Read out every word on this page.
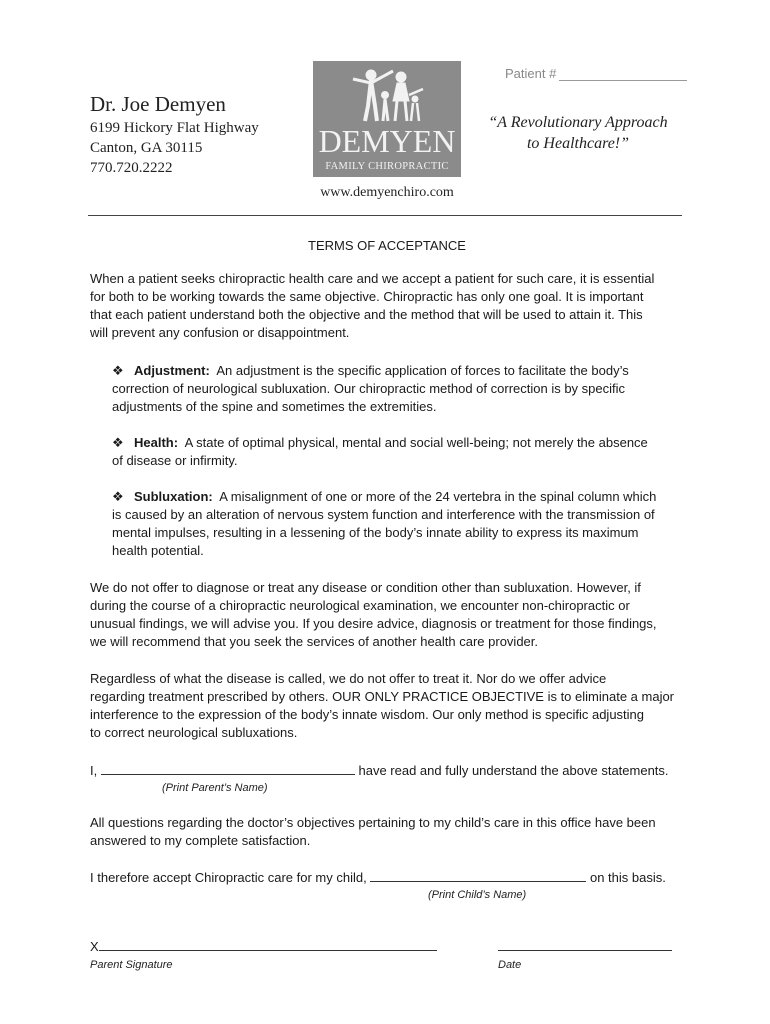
Patient #
DEMYEN
FAMILY CHIROPRACTIC
Dr. Joe Demyen
6199 Hickory Flat Highway
Canton, GA 30115
770.720.2222
“A Revolutionary Approach
to Healthcare!”
www.demyenchiro.com
TERMS OF ACCEPTANCE
When a patient seeks chiropractic health care and we accept a patient for such care, it is essential
for both to be working towards the same objective. Chiropractic has only one goal. It is important
that each patient understand both the objective and the method that will be used to attain it. This
will prevent any confusion or disappointment.
❖ Adjustment: An adjustment is the specific application of forces to facilitate the body’s
correction of neurological subluxation. Our chiropractic method of correction is by specific
adjustments of the spine and sometimes the extremities.
❖ Health: A state of optimal physical, mental and social well-being; not merely the absence
of disease or infirmity.
❖ Subluxation: A misalignment of one or more of the 24 vertebra in the spinal column which
is caused by an alteration of nervous system function and interference with the transmission of
mental impulses, resulting in a lessening of the body’s innate ability to express its maximum
health potential.
We do not offer to diagnose or treat any disease or condition other than subluxation. However, if
during the course of a chiropractic neurological examination, we encounter non-chiropractic or
unusual findings, we will advise you. If you desire advice, diagnosis or treatment for those findings,
we will recommend that you seek the services of another health care provider.
Regardless of what the disease is called, we do not offer to treat it. Nor do we offer advice
regarding treatment prescribed by others. OUR ONLY PRACTICE OBJECTIVE is to eliminate a major
interference to the expression of the body’s innate wisdom. Our only method is specific adjusting
to correct neurological subluxations.
I,	have read and fully understand the above statements.
(Print Parent’s Name)
All questions regarding the doctor’s objectives pertaining to my child’s care in this office have been
answered to my complete satisfaction.
I therefore accept Chiropractic care for my child,	on this basis.
(Print Child’s Name)
X
Parent Signature	Date
